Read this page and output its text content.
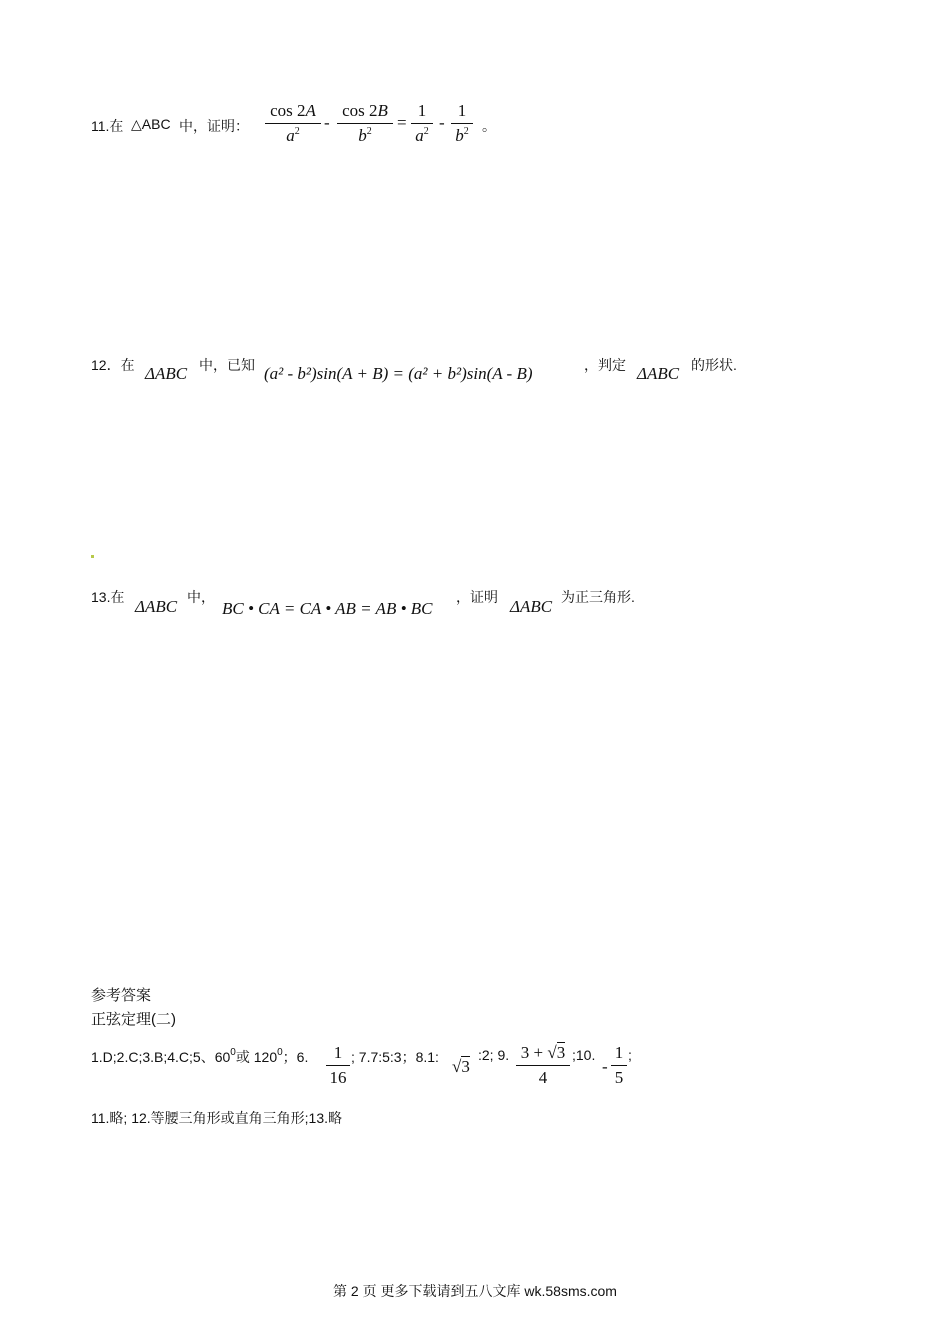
11.在 △ABC 中，证明：
cos 2A
$a^2$	-
cos 2B
$b^2$	=
1
$a^2$ -
1
$b^2$ 。
12．在 ΔABC 中，已知 (a² - b²)sin(A + B) = (a² + b²)sin(A - B)	，判定 ΔABC 的形状.
13.在 ΔABC 中，
BC • CA = CA • AB = AB • BC
，证明 ΔABC 为正三角形.
参考答案
正弦定理(二)
1.D;2.C;3.B;4.C;5、$60^0$或 $120^0$；6.	1
16
; 7.7:5:3；8.1: √3
:2; 9. 3 + √3
4
;10.
-
1
5
;
11.略; 12.等腰三角形或直角三角形;13.略
第 2 页 更多下载请到五八文库 wk.58sms.com
